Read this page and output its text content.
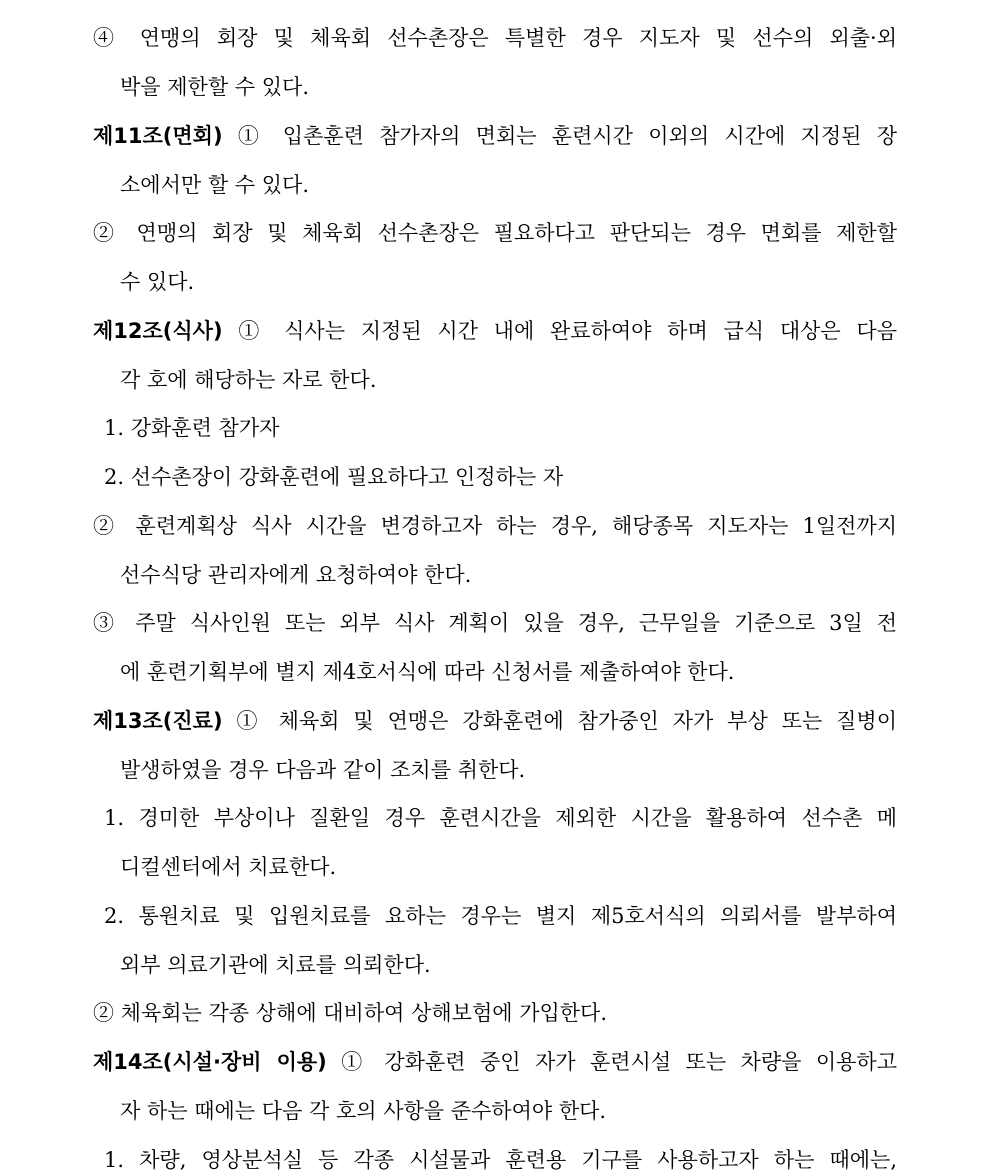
④ 연맹의 회장 및 체육회 선수촌장은 특별한 경우 지도자 및 선수의 외출·외
박을 제한할 수 있다.
제11조(면회) ① 입촌훈련 참가자의 면회는 훈련시간 이외의 시간에 지정된 장
소에서만 할 수 있다.
② 연맹의 회장 및 체육회 선수촌장은 필요하다고 판단되는 경우 면회를 제한할
수 있다.
제12조(식사) ① 식사는 지정된 시간 내에 완료하여야 하며 급식 대상은 다음
각 호에 해당하는 자로 한다.
1. 강화훈련 참가자
2. 선수촌장이 강화훈련에 필요하다고 인정하는 자
② 훈련계획상 식사 시간을 변경하고자 하는 경우, 해당종목 지도자는 1일전까지
선수식당 관리자에게 요청하여야 한다.
③ 주말 식사인원 또는 외부 식사 계획이 있을 경우, 근무일을 기준으로 3일 전
에 훈련기획부에 별지 제4호서식에 따라 신청서를 제출하여야 한다.
제13조(진료) ① 체육회 및 연맹은 강화훈련에 참가중인 자가 부상 또는 질병이
발생하였을 경우 다음과 같이 조치를 취한다.
1. 경미한 부상이나 질환일 경우 훈련시간을 제외한 시간을 활용하여 선수촌 메
디컬센터에서 치료한다.
2. 통원치료 및 입원치료를 요하는 경우는 별지 제5호서식의 의뢰서를 발부하여
외부 의료기관에 치료를 의뢰한다.
② 체육회는 각종 상해에 대비하여 상해보험에 가입한다.
제14조(시설·장비 이용) ① 강화훈련 중인 자가 훈련시설 또는 차량을 이용하고
자 하는 때에는 다음 각 호의 사항을 준수하여야 한다.
1. 차량, 영상분석실 등 각종 시설물과 훈련용 기구를 사용하고자 하는 때에는,
